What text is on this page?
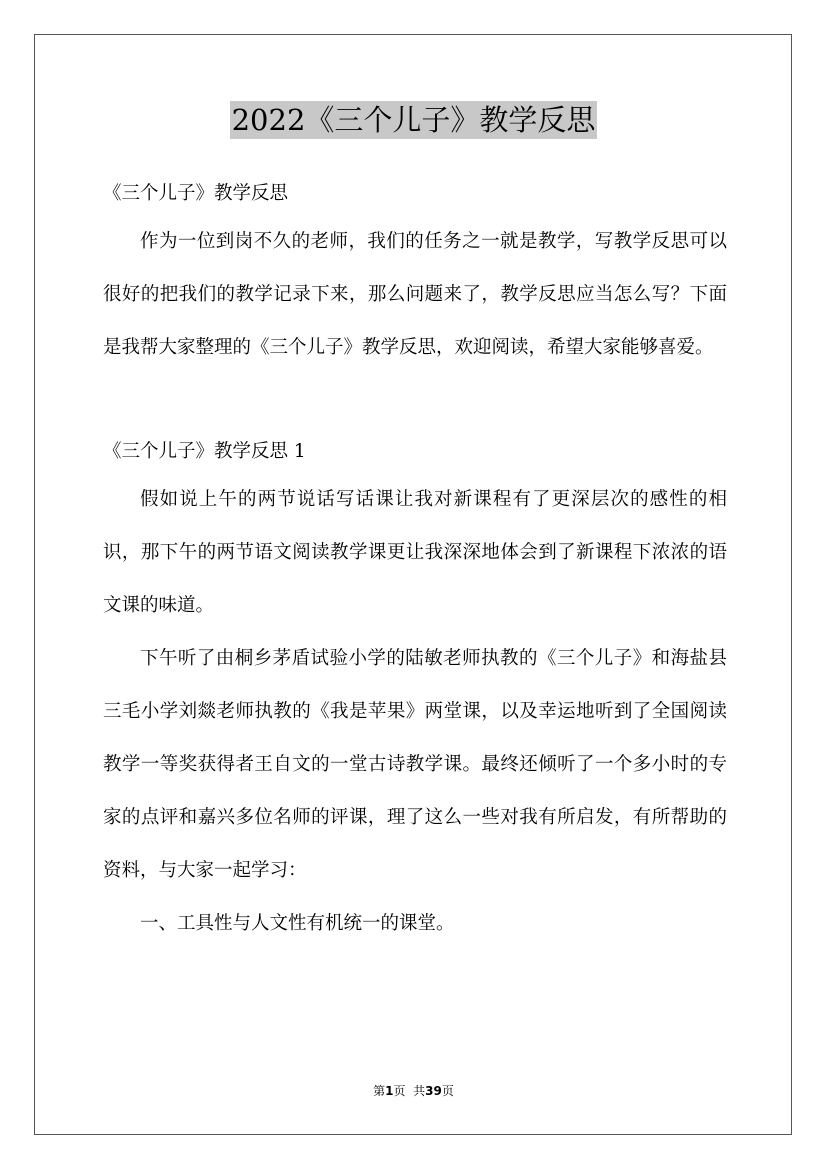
2022《三个儿子》教学反思

《三个儿子》教学反思

作为一位到岗不久的老师，我们的任务之一就是教学，写教学反思可以很好的把我们的教学记录下来，那么问题来了，教学反思应当怎么写？下面是我帮大家整理的《三个儿子》教学反思，欢迎阅读，希望大家能够喜爱。

《三个儿子》教学反思 1

假如说上午的两节说话写话课让我对新课程有了更深层次的感性的相识，那下午的两节语文阅读教学课更让我深深地体会到了新课程下浓浓的语文课的味道。

下午听了由桐乡茅盾试验小学的陆敏老师执教的《三个儿子》和海盐县三毛小学刘燚老师执教的《我是苹果》两堂课，以及幸运地听到了全国阅读教学一等奖获得者王自文的一堂古诗教学课。最终还倾听了一个多小时的专家的点评和嘉兴多位名师的评课，理了这么一些对我有所启发，有所帮助的资料，与大家一起学习：

一、工具性与人文性有机统一的课堂。

第1页 共39页
